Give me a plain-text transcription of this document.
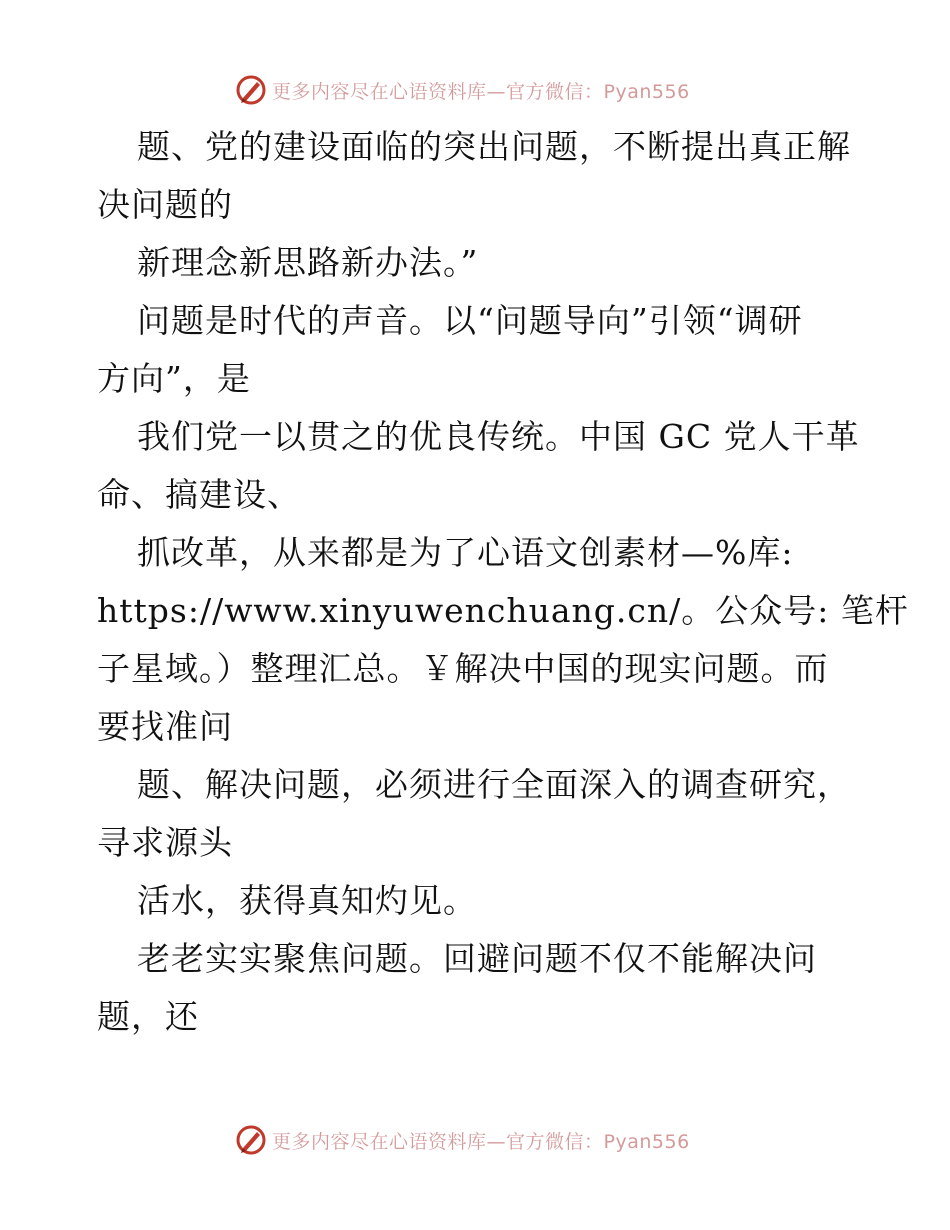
更多内容尽在心语资料库—官方微信：Pyan556
题、党的建设面临的突出问题，不断提出真正解
决问题的
新理念新思路新办法。”
问题是时代的声音。以“问题导向”引领“调研
方向”，是
我们党一以贯之的优良传统。中国 GC 党人干革
命、搞建设、
抓改革，从来都是为了心语文创素材—%库:
https://www.xinyuwenchuang.cn/。公众号: 笔杆
子星域。）整理汇总。￥解决中国的现实问题。而
要找准问
题、解决问题，必须进行全面深入的调查研究，
寻求源头
活水，获得真知灼见。
老老实实聚焦问题。回避问题不仅不能解决问
题，还
更多内容尽在心语资料库—官方微信：Pyan556
